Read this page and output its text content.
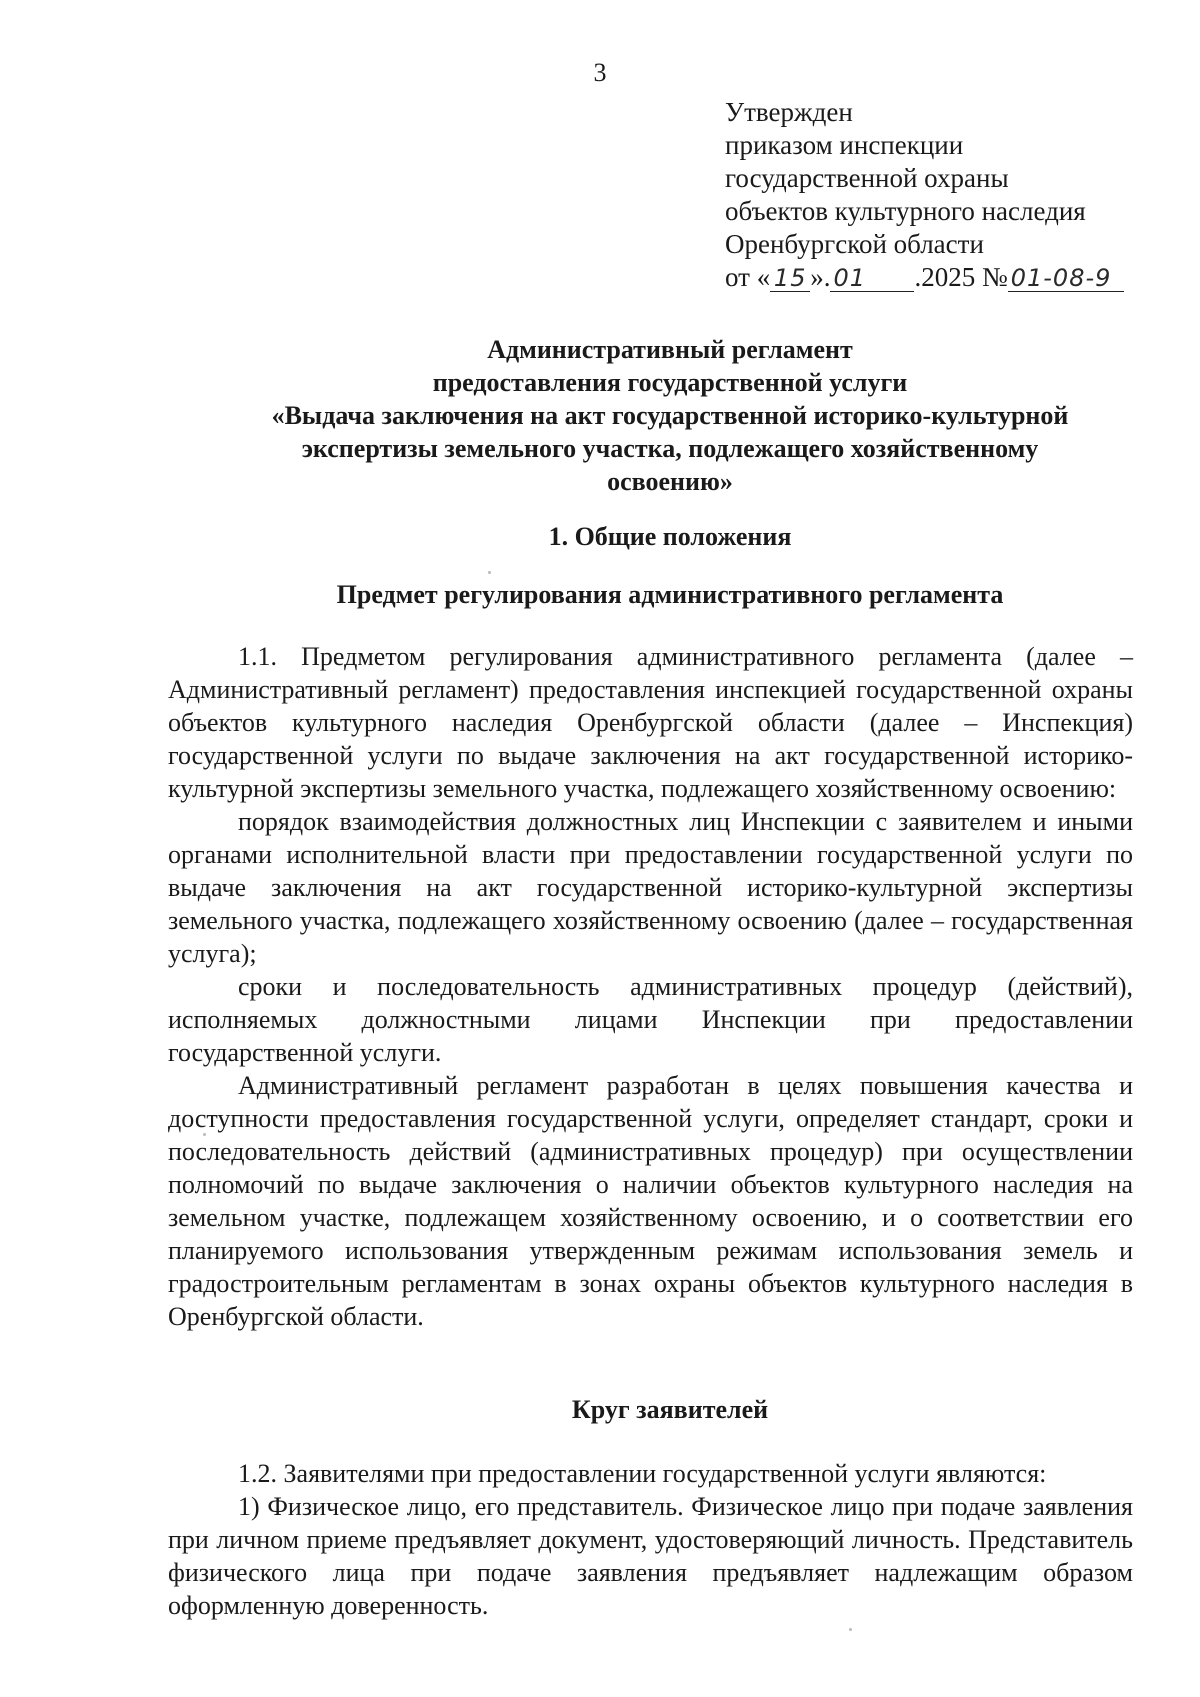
3
Утвержден
приказом инспекции
государственной охраны
объектов культурного наследия
Оренбургской области
от « 15 ». 01 .2025 № 01-08-9
Административный регламент
предоставления государственной услуги
«Выдача заключения на акт государственной историко-культурной
экспертизы земельного участка, подлежащего хозяйственному
освоению»
1. Общие положения
Предмет регулирования административного регламента

1.1. Предметом регулирования административного регламента (далее – Административный регламент) предоставления инспекцией государственной охраны объектов культурного наследия Оренбургской области (далее – Инспекция) государственной услуги по выдаче заключения на акт государственной историко-культурной экспертизы земельного участка, подлежащего хозяйственному освоению:

порядок взаимодействия должностных лиц Инспекции с заявителем и иными органами исполнительной власти при предоставлении государственной услуги по выдаче заключения на акт государственной историко-культурной экспертизы земельного участка, подлежащего хозяйственному освоению (далее – государственная услуга);

сроки и последовательность административных процедур (действий), исполняемых должностными лицами Инспекции при предоставлении государственной услуги.

Административный регламент разработан в целях повышения качества и доступности предоставления государственной услуги, определяет стандарт, сроки и последовательность действий (административных процедур) при осуществлении полномочий по выдаче заключения о наличии объектов культурного наследия на земельном участке, подлежащем хозяйственному освоению, и о соответствии его планируемого использования утвержденным режимам использования земель и градостроительным регламентам в зонах охраны объектов культурного наследия в Оренбургской области.

Круг заявителей

1.2. Заявителями при предоставлении государственной услуги являются:

1) Физическое лицо, его представитель. Физическое лицо при подаче заявления при личном приеме предъявляет документ, удостоверяющий личность. Представитель физического лица при подаче заявления предъявляет надлежащим образом оформленную доверенность.
